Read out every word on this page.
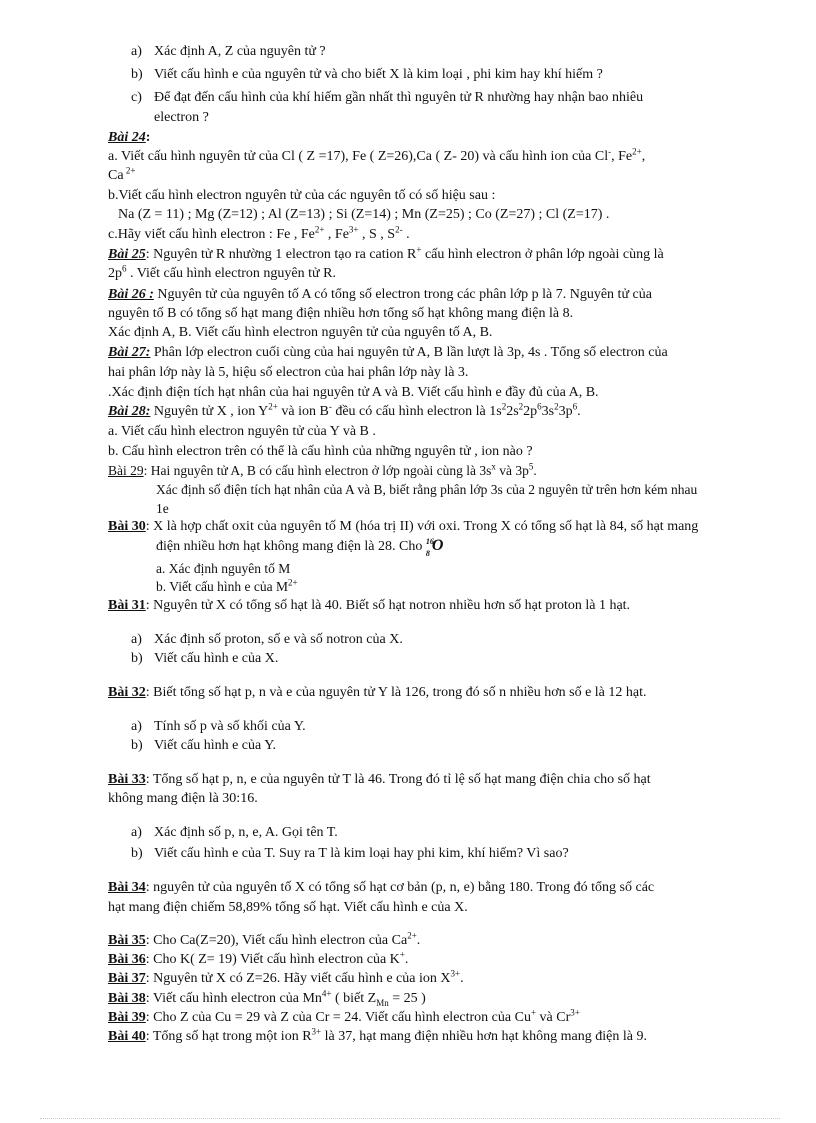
a) Xác định A, Z của nguyên tử ?
b) Viết cấu hình e của nguyên tử và cho biết X là kim loại , phi kim hay khí hiếm ?
c) Để đạt đến cấu hình của khí hiếm gần nhất thì nguyên tử R nhường hay nhận bao nhiêu
electron ?
Bài 24:
a. Viết cấu hình nguyên tử của Cl ( Z =17), Fe ( Z=26),Ca ( Z- 20) và cấu hình ion của Cl-, $Fe^{2+}$,
Ca $^{2+}$
b.Viết cấu hình electron nguyên tử của các nguyên tố có số hiệu sau :
Na (Z = 11) ; Mg (Z=12) ; Al (Z=13) ; Si (Z=14) ; Mn (Z=25) ; Co (Z=27) ; Cl (Z=17) .
c.Hãy viết cấu hình electron : Fe , $Fe^{2+}$ , $Fe^{3+}$ , S , $S^{2-}$ .
Bài 25: Nguyên tử R nhường 1 electron tạo ra cation R+ cấu hình electron ở phân lớp ngoài cùng là
$2p^6$ . Viết cấu hình electron nguyên tử R.
Bài 26 : Nguyên tử của nguyên tố A có tổng số electron trong các phân lớp p là 7. Nguyên tử của
nguyên tố B có tổng số hạt mang điện nhiều hơn tổng số hạt không mang điện là 8.
Xác định A, B. Viết cấu hình electron nguyên tử của nguyên tố A, B.
Bài 27: Phân lớp electron cuối cùng của hai nguyên tử A, B lần lượt là 3p, 4s . Tổng số electron của
hai phân lớp này là 5, hiệu số electron của hai phân lớp này là 3.
.Xác định điện tích hạt nhân của hai nguyên tử A và B. Viết cấu hình e đầy đủ của A, B.
Bài 28: Nguyên tử X , ion $Y^{2+}$ và ion B- đều có cấu hình electron là $1s^22s^22p^63s^23p^6$.
a. Viết cấu hình electron nguyên tử của Y và B .
b. Cấu hình electron trên có thể là cấu hình của những nguyên tử , ion nào ?
Bài 29: Hai nguyên tử A, B có cấu hình electron ở lớp ngoài cùng là $3s^x$ và $3p^5$.
Xác định số điện tích hạt nhân của A và B, biết rằng phân lớp 3s của 2 nguyên tử trên hơn kém nhau
1e
Bài 30: X là hợp chất oxit của nguyên tố M (hóa trị II) với oxi. Trong X có tổng số hạt là 84, số hạt mang
điện nhiều hơn hạt không mang điện là 28. Cho 16
8 O
a. Xác định nguyên tố M
b. Viết cấu hình e của $M^{2+}$
Bài 31: Nguyên tử X có tổng số hạt là 40. Biết số hạt notron nhiều hơn số hạt proton là 1 hạt.
a) Xác định số proton, số e và số notron của X.
b) Viết cấu hình e của X.
Bài 32: Biết tổng số hạt p, n và e của nguyên tử Y là 126, trong đó số n nhiều hơn số e là 12 hạt.
a) Tính số p và số khối của Y.
b) Viết cấu hình e của Y.
Bài 33: Tổng số hạt p, n, e của nguyên tử T là 46. Trong đó tỉ lệ số hạt mang điện chia cho số hạt
không mang điện là 30:16.
a) Xác định số p, n, e, A. Gọi tên T.
b) Viết cấu hình e của T. Suy ra T là kim loại hay phi kim, khí hiếm? Vì sao?
Bài 34: nguyên tử của nguyên tố X có tổng số hạt cơ bản (p, n, e) bằng 180. Trong đó tổng số các
hạt mang điện chiếm 58,89% tổng số hạt. Viết cấu hình e của X.
Bài 35: Cho Ca(Z=20), Viết cấu hình electron của $Ca^{2+}$.
Bài 36: Cho K( Z= 19) Viết cấu hình electron của K+.
Bài 37: Nguyên tử X có Z=26. Hãy viết cấu hình e của ion $X^{3+}$.
Bài 38: Viết cấu hình electron của $Mn^{4+}$ ( biết $Z_{Mn} = 25$ )
Bài 39: Cho Z của Cu = 29 và Z của Cr = 24. Viết cấu hình electron của Cu+ và $Cr^{3+}$
Bài 40: Tổng số hạt trong một ion $R^{3+}$ là 37, hạt mang điện nhiều hơn hạt không mang điện là 9.
